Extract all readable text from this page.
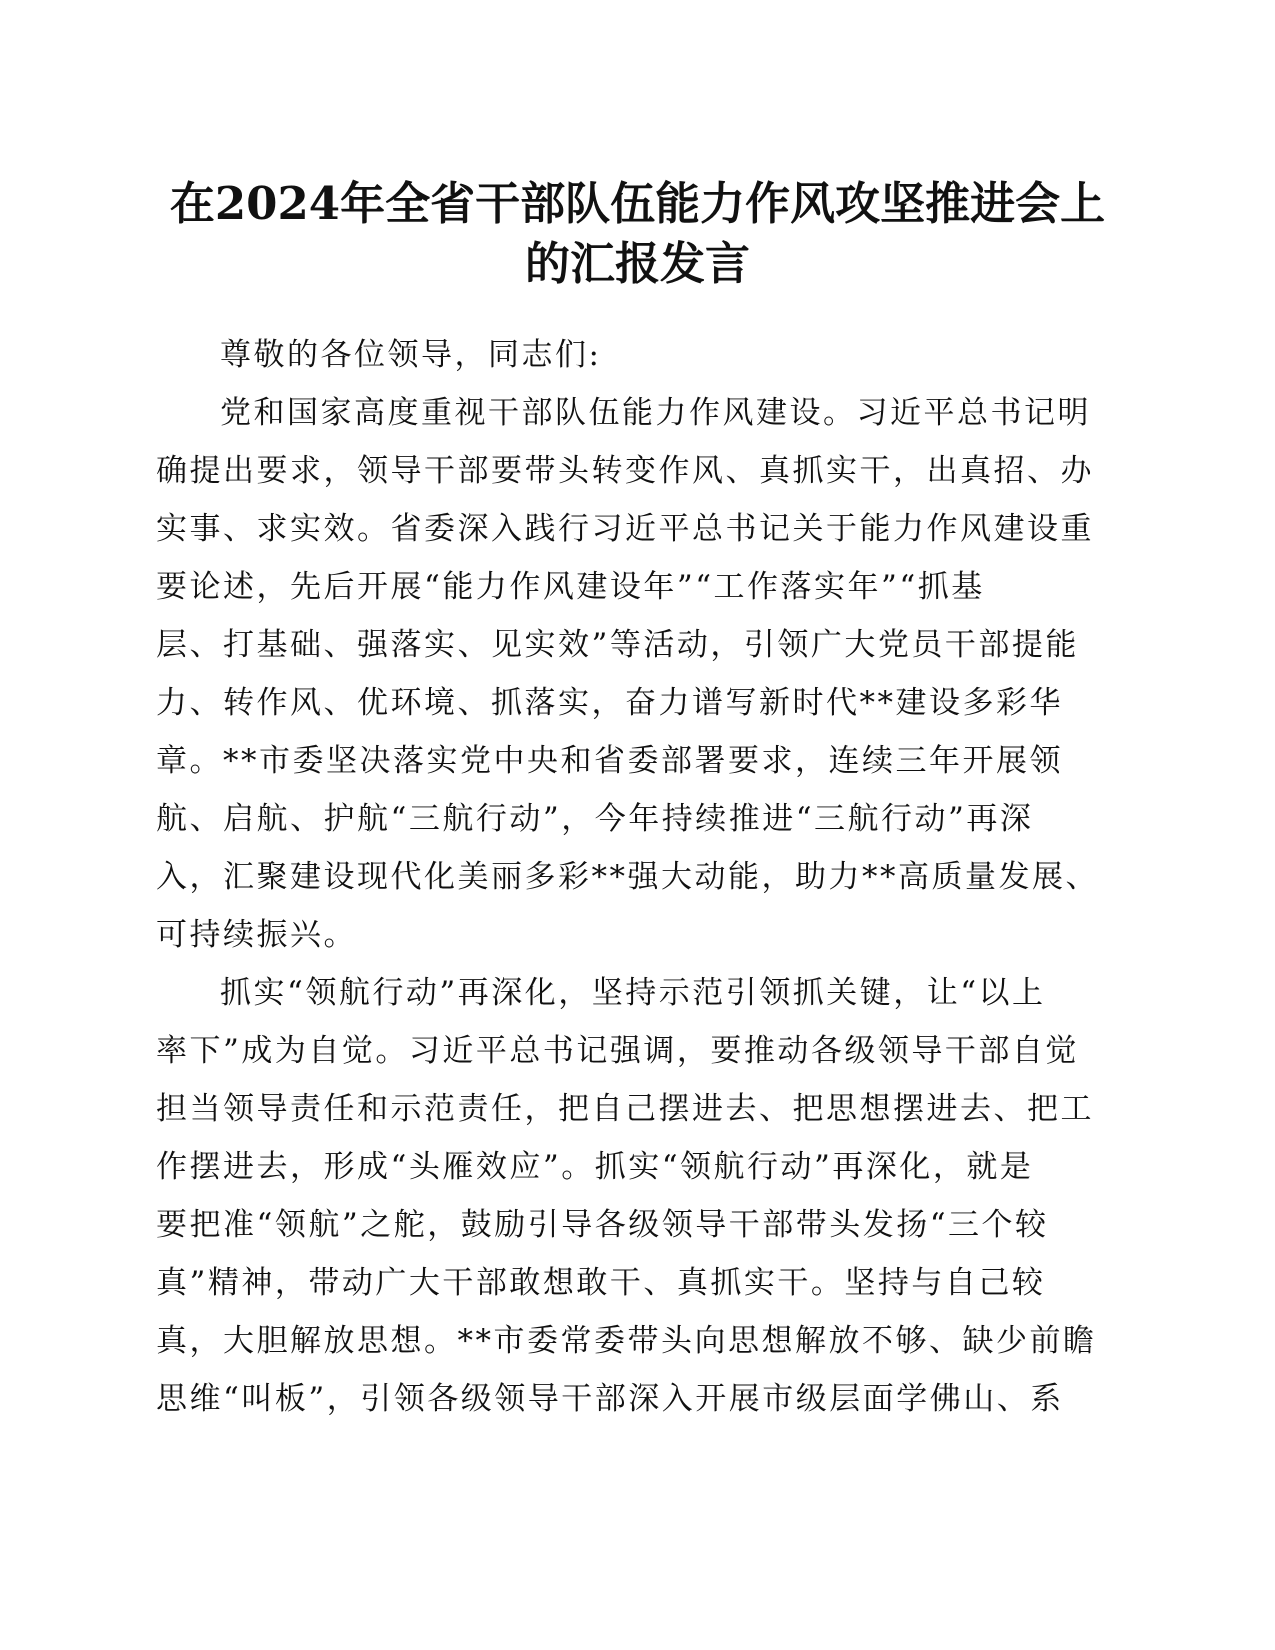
在2024年全省干部队伍能力作风攻坚推进会上
的汇报发言
尊敬的各位领导，同志们:
党和国家高度重视干部队伍能力作风建设。习近平总书记明
确提出要求，领导干部要带头转变作风、真抓实干，出真招、办
实事、求实效。省委深入践行习近平总书记关于能力作风建设重
要论述，先后开展“能力作风建设年”“工作落实年”“抓基
层、打基础、强落实、见实效”等活动，引领广大党员干部提能
力、转作风、优环境、抓落实，奋力谱写新时代**建设多彩华
章。**市委坚决落实党中央和省委部署要求，连续三年开展领
航、启航、护航“三航行动”，今年持续推进“三航行动”再深
入，汇聚建设现代化美丽多彩**强大动能，助力**高质量发展、
可持续振兴。
抓实“领航行动”再深化，坚持示范引领抓关键，让“以上
率下”成为自觉。习近平总书记强调，要推动各级领导干部自觉
担当领导责任和示范责任，把自己摆进去、把思想摆进去、把工
作摆进去，形成“头雁效应”。抓实“领航行动”再深化，就是
要把准“领航”之舵，鼓励引导各级领导干部带头发扬“三个较
真”精神，带动广大干部敢想敢干、真抓实干。坚持与自己较
真，大胆解放思想。**市委常委带头向思想解放不够、缺少前瞻
思维“叫板”，引领各级领导干部深入开展市级层面学佛山、系
